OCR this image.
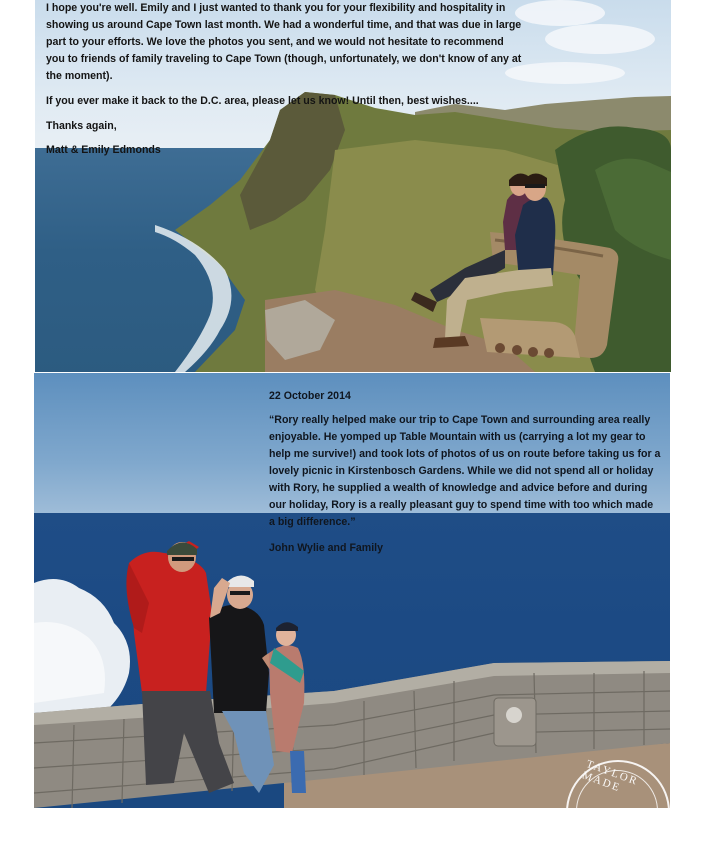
I hope you're well. Emily and I just wanted to thank you for your flexibility and hospitality in showing us around Cape Town last month. We had a wonderful time, and that was due in large part to your efforts. We love the photos you sent, and we would not hesitate to recommend you to friends of family traveling to Cape Town (though, unfortunately, we don't know of any at the moment).

If you ever make it back to the D.C. area, please let us know! Until then, best wishes....
Thanks again,
Matt & Emily Edmonds
22 October 2014

“Rory really helped make our trip to Cape Town and surrounding area really enjoyable. He yomped up Table Mountain with us (carrying a lot my gear to help me survive!) and took lots of photos of us on route before taking us for a lovely picnic in Kirstenbosch Gardens. While we did not spend all or holiday with Rory, he supplied a wealth of knowledge and advice before and during our holiday, Rory is a really pleasant guy to spend time with too which made a big difference.”

John Wylie and Family
TAYLOR MADE
